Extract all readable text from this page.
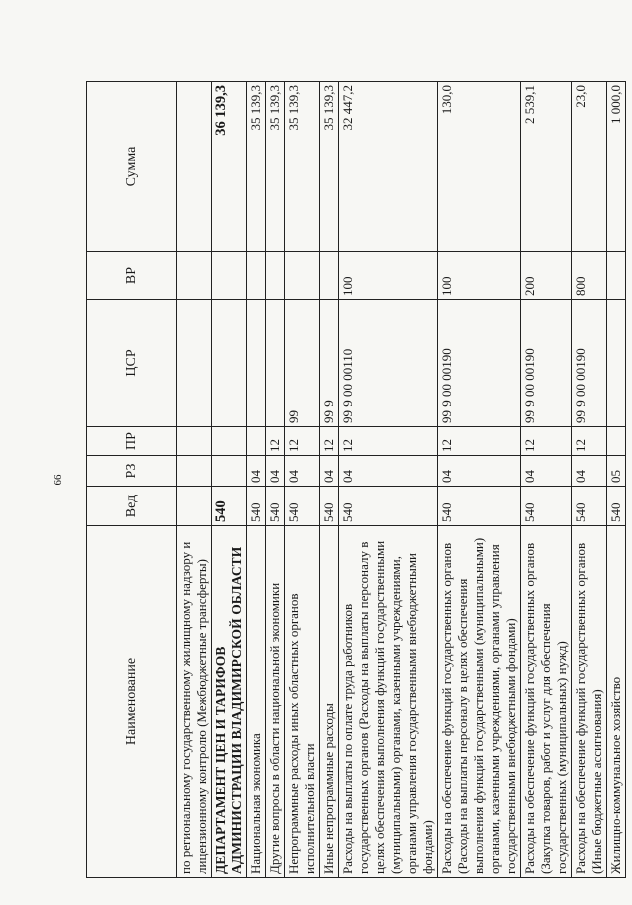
66
Наименование	Вед	РЗ	ПР	ЦСР	ВР	Сумма
по региональному государственному жилищному надзору и лицензионному контролю (Межбюджетные трансферты)						
ДЕПАРТАМЕНТ ЦЕН И ТАРИФОВ АДМИНИСТРАЦИИ ВЛАДИМИРСКОЙ ОБЛАСТИ	540					36 139,3
Национальная экономика	540	04				35 139,3
Другие вопросы в области национальной экономики	540	04	12			35 139,3
Непрограммные расходы иных областных органов исполнительной власти	540	04	12	99		35 139,3
Иные непрограммные расходы	540	04	12	99 9		35 139,3
Расходы на выплаты по оплате труда работников государственных органов (Расходы на выплаты персоналу в целях обеспечения выполнения функций государственными (муниципальными) органами, казенными учреждениями, органами управления государственными внебюджетными фондами)	540	04	12	99 9 00 00110	100	32 447,2
Расходы на обеспечение функций государственных органов (Расходы на выплаты персоналу в целях обеспечения выполнения функций государственными (муниципальными) органами, казенными учреждениями, органами управления государственными внебюджетными фондами)	540	04	12	99 9 00 00190	100	130,0
Расходы на обеспечение функций государственных органов (Закупка товаров, работ и услуг для обеспечения государственных (муниципальных) нужд)	540	04	12	99 9 00 00190	200	2 539,1
Расходы на обеспечение функций государственных органов (Иные бюджетные ассигнования)	540	04	12	99 9 00 00190	800	23,0
Жилищно-коммунальное хозяйство	540	05				1 000,0
